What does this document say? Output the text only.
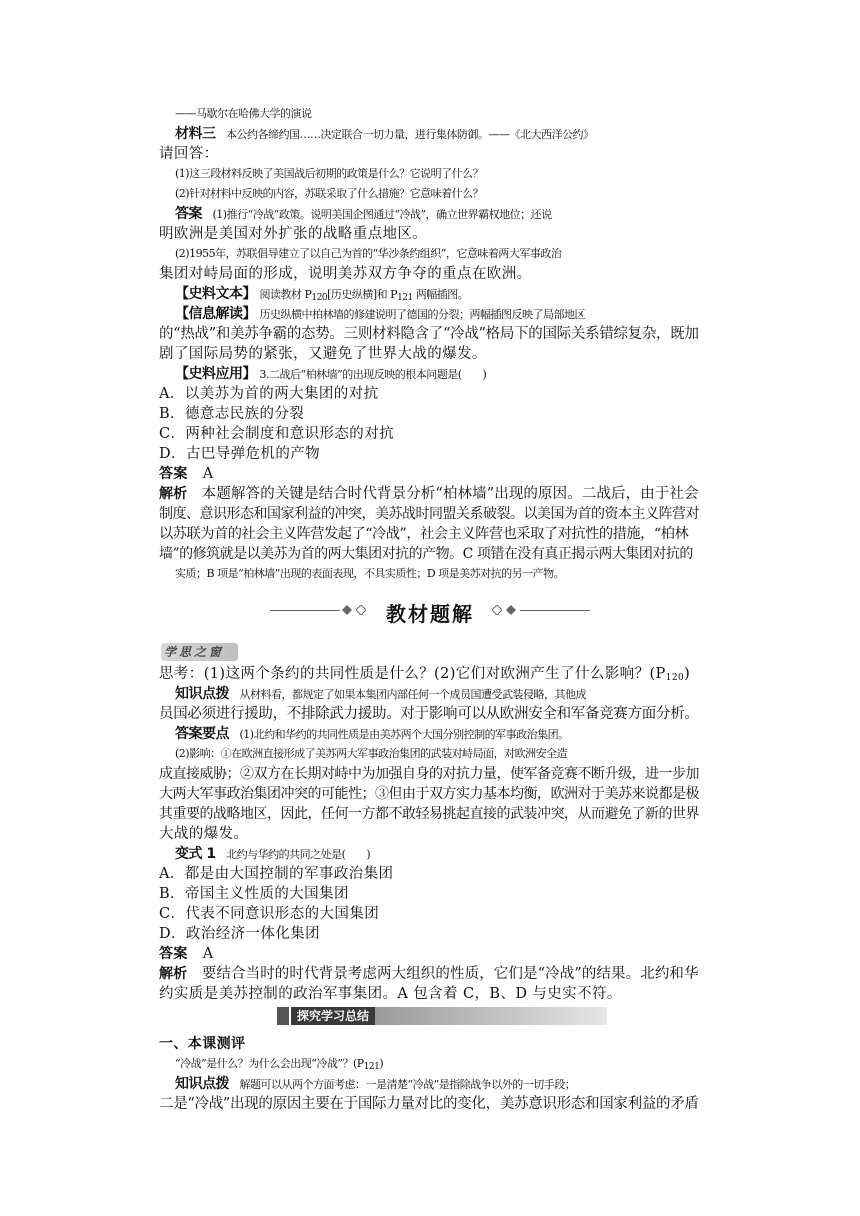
——马歇尔在哈佛大学的演说
材料三　本公约各缔约国……决定联合一切力量，进行集体防御。——《北大西洋公约》
请回答：
(1)这三段材料反映了美国战后初期的政策是什么？它说明了什么？
(2)针对材料中反映的内容，苏联采取了什么措施？它意味着什么？
答案　(1)推行“冷战”政策。说明美国企图通过“冷战”，确立世界霸权地位；还说
明欧洲是美国对外扩张的战略重点地区。
(2)1955年，苏联倡导建立了以自己为首的“华沙条约组织”，它意味着两大军事政治
集团对峙局面的形成，说明美苏双方争夺的重点在欧洲。
【史料文本】　阅读教材 $P_{120}$[历史纵横]和 $P_{121}$ 两幅插图。
【信息解读】　历史纵横中柏林墙的修建说明了德国的分裂；两幅插图反映了局部地区
的“热战”和美苏争霸的态势。三则材料隐含了“冷战”格局下的国际关系错综复杂，既加
剧了国际局势的紧张，又避免了世界大战的爆发。
【史料应用】　3.二战后“柏林墙”的出现反映的根本问题是(　　)
A．以美苏为首的两大集团的对抗
B．德意志民族的分裂
C．两种社会制度和意识形态的对抗
D．古巴导弹危机的产物
答案　A
解析　本题解答的关键是结合时代背景分析“柏林墙”出现的原因。二战后，由于社会
制度、意识形态和国家利益的冲突，美苏战时同盟关系破裂。以美国为首的资本主义阵营对
以苏联为首的社会主义阵营发起了“冷战”，社会主义阵营也采取了对抗性的措施，“柏林
墙”的修筑就是以美苏为首的两大集团对抗的产物。C 项错在没有真正揭示两大集团对抗的
实质；B 项是“柏林墙”出现的表面表现，不具实质性；D 项是美苏对抗的另一产物。
教材题解
学思之窗
思考：(1)这两个条约的共同性质是什么？(2)它们对欧洲产生了什么影响？$(P_{120})$
知识点拨　从材料看，都规定了如果本集团内部任何一个成员国遭受武装侵略，其他成
员国必须进行援助，不排除武力援助。对于影响可以从欧洲安全和军备竞赛方面分析。
答案要点　(1)北约和华约的共同性质是由美苏两个大国分别控制的军事政治集团。
(2)影响：①在欧洲直接形成了美苏两大军事政治集团的武装对峙局面，对欧洲安全造
成直接威胁；②双方在长期对峙中为加强自身的对抗力量，使军备竞赛不断升级，进一步加
大两大军事政治集团冲突的可能性；③但由于双方实力基本均衡，欧洲对于美苏来说都是极
其重要的战略地区，因此，任何一方都不敢轻易挑起直接的武装冲突，从而避免了新的世界
大战的爆发。
变式 1　北约与华约的共同之处是(　　)
A．都是由大国控制的军事政治集团
B．帝国主义性质的大国集团
C．代表不同意识形态的大国集团
D．政治经济一体化集团
答案　A
解析　要结合当时的时代背景考虑两大组织的性质，它们是“冷战”的结果。北约和华
约实质是美苏控制的政治军事集团。A 包含着 C，B、D 与史实不符。
探究学习总结
一、本课测评
“冷战”是什么？为什么会出现“冷战”？$(P_{121})$
知识点拨　解题可以从两个方面考虑：一是清楚“冷战”是指除战争以外的一切手段；
二是“冷战”出现的原因主要在于国际力量对比的变化，美苏意识形态和国家利益的矛盾
